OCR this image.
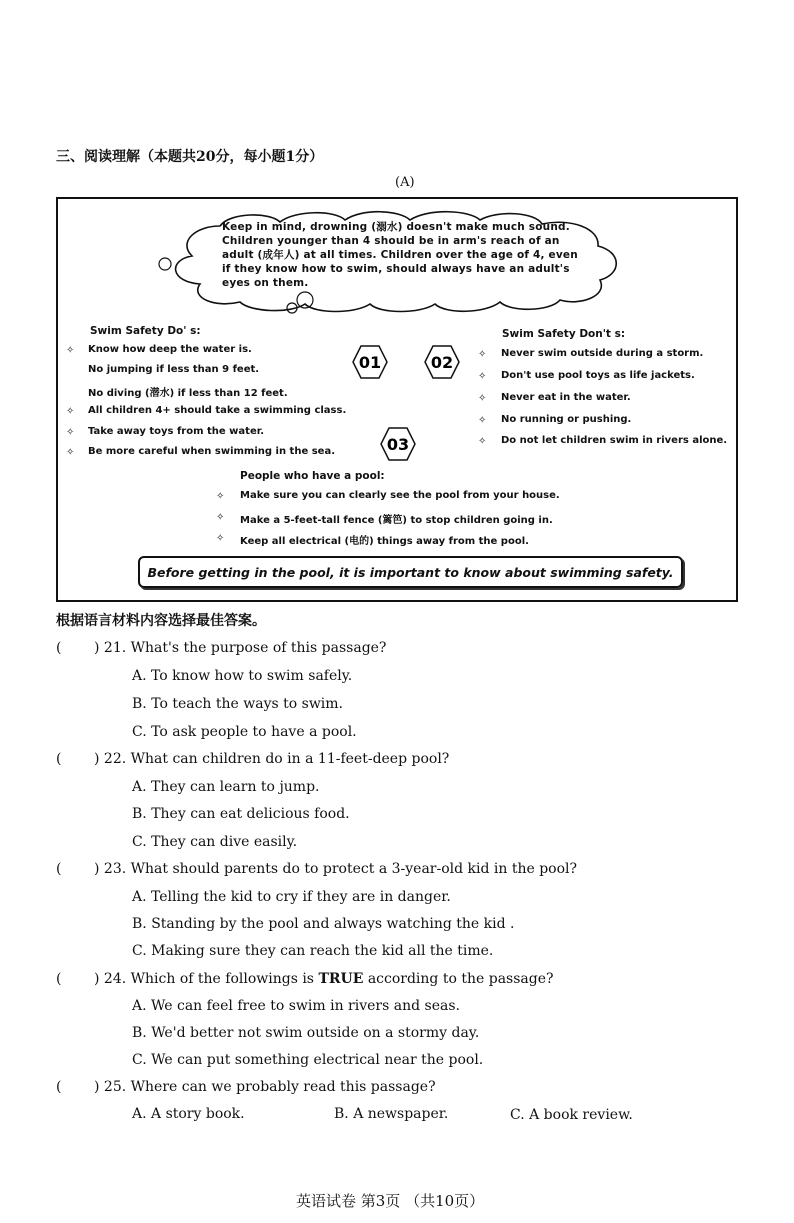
三、阅读理解（本题共20分，每小题1分）
(A)
Keep in mind, drowning (溺水) doesn't make much sound. Children younger than 4 should be in arm's reach of an adult (成年人) at all times. Children over the age of 4, even if they know how to swim, should always have an adult's eyes on them.
Swim Safety Do' s:
✧ Know how deep the water is.
No jumping if less than 9 feet.
No diving (潜水) if less than 12 feet.
✧ All children 4+ should take a swimming class.
✧ Take away toys from the water.
✧ Be more careful when swimming in the sea.
01	02
03
Swim Safety Don't s:
✧ Never swim outside during a storm.
✧ Don't use pool toys as life jackets.
✧ Never eat in the water.
✧ No running or pushing.
✧ Do not let children swim in rivers alone.
People who have a pool:
✧ Make sure you can clearly see the pool from your house.
✧ Make a 5-feet-tall fence (篱笆) to stop children going in.
✧ Keep all electrical (电的) things away from the pool.
Before getting in the pool, it is important to know about swimming safety.
根据语言材料内容选择最佳答案。
( ) 21. What's the purpose of this passage?
A. To know how to swim safely.
B. To teach the ways to swim.
C. To ask people to have a pool.
( ) 22. What can children do in a 11-feet-deep pool?
A. They can learn to jump.
B. They can eat delicious food.
C. They can dive easily.
( ) 23. What should parents do to protect a 3-year-old kid in the pool?
A. Telling the kid to cry if they are in danger.
B. Standing by the pool and always watching the kid .
C. Making sure they can reach the kid all the time.
( ) 24. Which of the followings is TRUE according to the passage?
A. We can feel free to swim in rivers and seas.
B. We'd better not swim outside on a stormy day.
C. We can put something electrical near the pool.
( ) 25. Where can we probably read this passage?
A. A story book.	B. A newspaper.	C. A book review.
英语试卷 第3页 （共10页）
